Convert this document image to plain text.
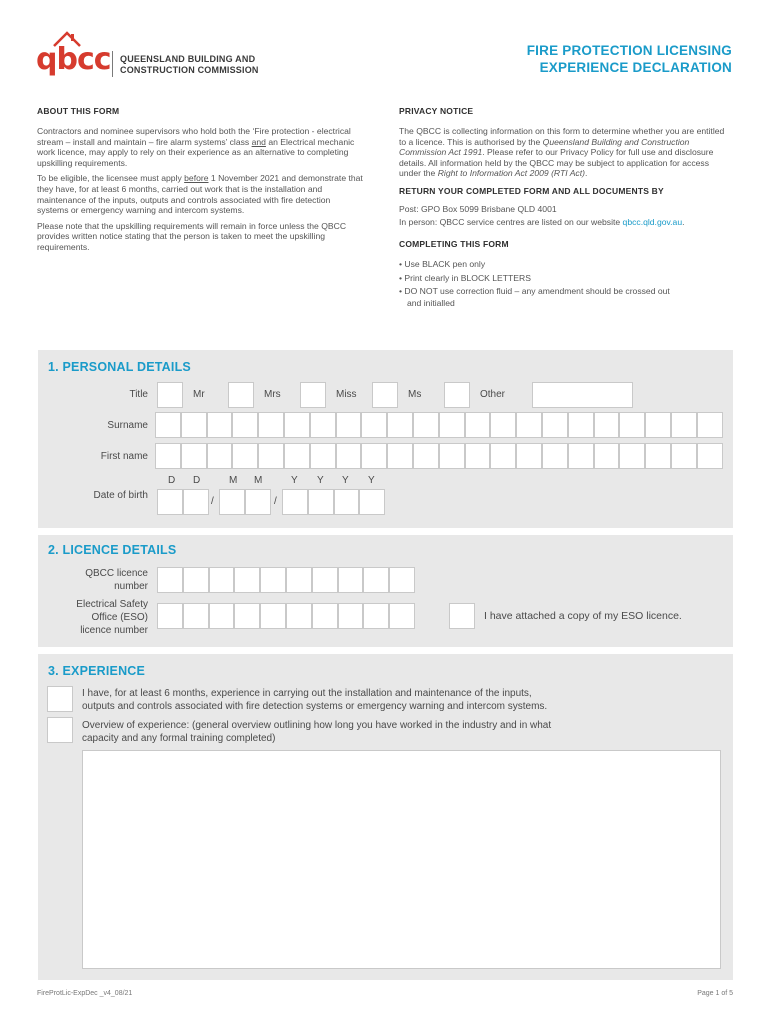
qbcc QUEENSLAND BUILDING AND
CONSTRUCTION COMMISSION
FIRE PROTECTION LICENSING
EXPERIENCE DECLARATION
ABOUT THIS FORM

Contractors and nominee supervisors who hold both the ‘Fire protection - electrical stream – install and maintain – fire alarm systems’ class and an Electrical mechanic work licence, may apply to rely on their experience as an alternative to completing upskilling requirements.

To be eligible, the licensee must apply before 1 November 2021 and demonstrate that they have, for at least 6 months, carried out work that is the installation and maintenance of the inputs, outputs and controls associated with fire detection systems or emergency warning and intercom systems.

Please note that the upskilling requirements will remain in force unless the QBCC provides written notice stating that the person is taken to meet the upskilling requirements.

PRIVACY NOTICE

The QBCC is collecting information on this form to determine whether you are entitled to a licence. This is authorised by the Queensland Building and Construction Commission Act 1991. Please refer to our Privacy Policy for full use and disclosure details. All information held by the QBCC may be subject to application for access under the Right to Information Act 2009 (RTI Act).

RETURN YOUR COMPLETED FORM AND ALL DOCUMENTS BY

Post: GPO Box 5099 Brisbane QLD 4001

In person: QBCC service centres are listed on our website qbcc.qld.gov.au.

COMPLETING THIS FORM

• Use BLACK pen only

• Print clearly in BLOCK LETTERS

• DO NOT use correction fluid – any amendment should be crossed out

and initialled

1. PERSONAL DETAILS
Title	Mr	Mrs	Miss	Ms	Other
Surname
First name
D D	M M	Y Y Y Y
Date of birth
/	/
2. LICENCE DETAILS
QBCC licence
number
Electrical Safety
Office (ESO)
licence number
I have attached a copy of my ESO licence.
3. EXPERIENCE
I have, for at least 6 months, experience in carrying out the installation and maintenance of the inputs,
outputs and controls associated with fire detection systems or emergency warning and intercom systems.
Overview of experience: (general overview outlining how long you have worked in the industry and in what
capacity and any formal training completed)
FireProtLic-ExpDec _v4_08/21	Page 1 of 5
